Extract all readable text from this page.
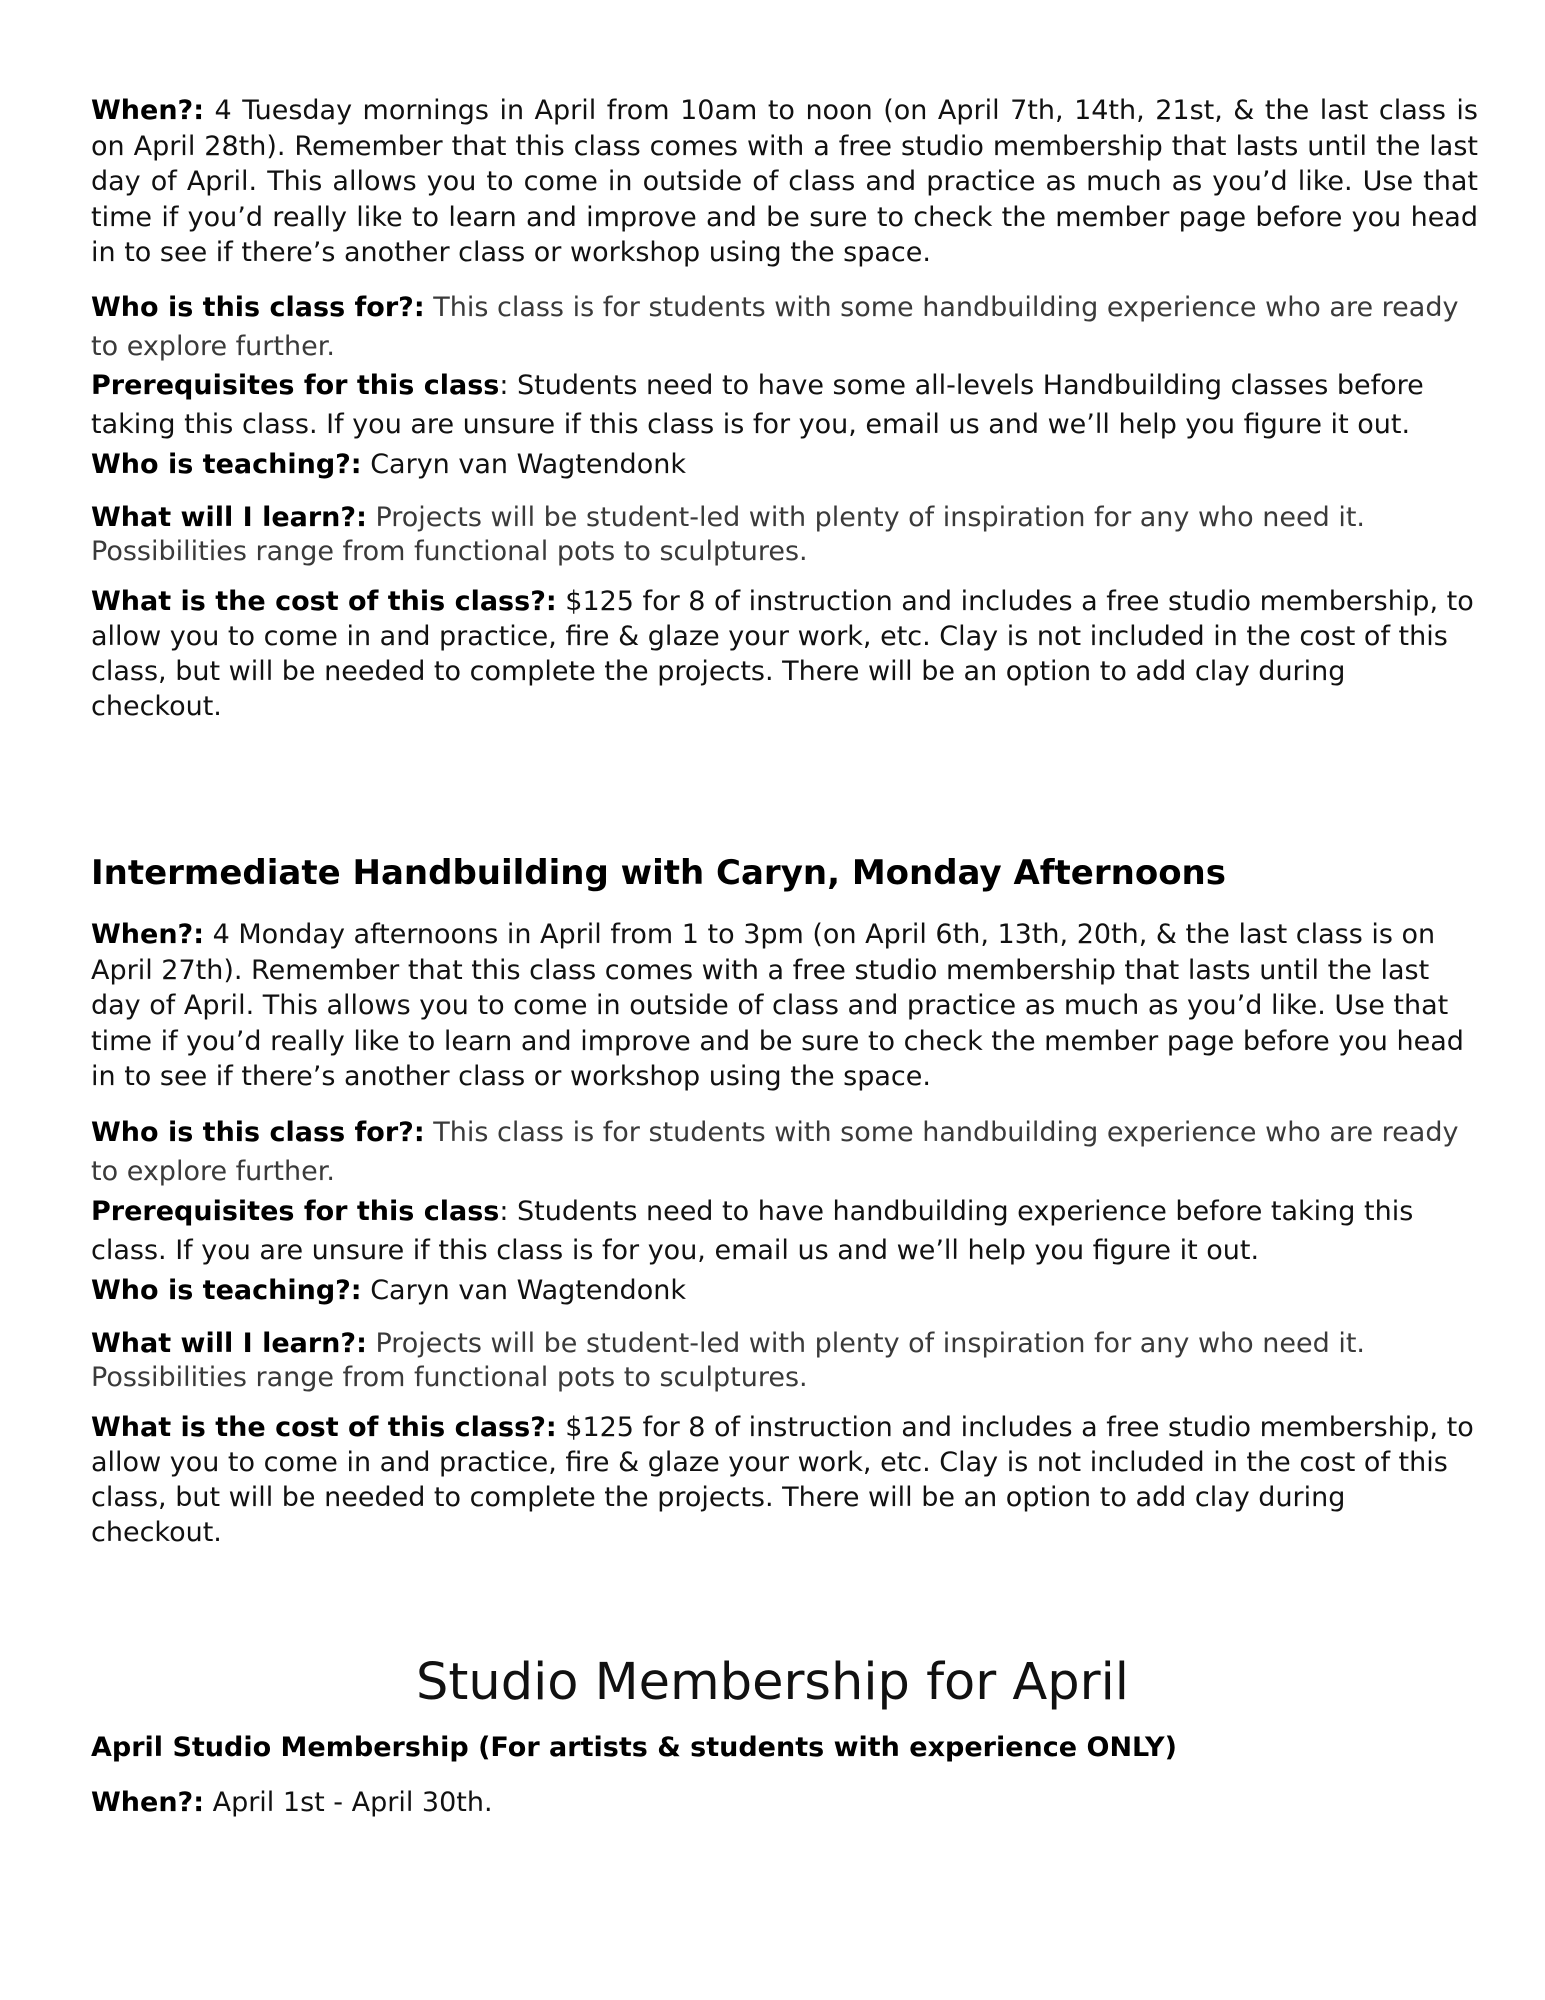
When?: 4 Tuesday mornings in April from 10am to noon (on April 7th, 14th, 21st, & the last class is on April 28th). Remember that this class comes with a free studio membership that lasts until the last day of April. This allows you to come in outside of class and practice as much as you’d like. Use that time if you’d really like to learn and improve and be sure to check the member page before you head in to see if there’s another class or workshop using the space.

Who is this class for?: This class is for students with some handbuilding experience who are ready to explore further.

Prerequisites for this class: Students need to have some all-levels Handbuilding classes before taking this class. If you are unsure if this class is for you, email us and we’ll help you figure it out.

Who is teaching?: Caryn van Wagtendonk

What will I learn?: Projects will be student-led with plenty of inspiration for any who need it. Possibilities range from functional pots to sculptures.

What is the cost of this class?: $125 for 8 of instruction and includes a free studio membership, to allow you to come in and practice, fire & glaze your work, etc. Clay is not included in the cost of this class, but will be needed to complete the projects. There will be an option to add clay during checkout.

Intermediate Handbuilding with Caryn, Monday Afternoons

When?: 4 Monday afternoons in April from 1 to 3pm (on April 6th, 13th, 20th, & the last class is on April 27th). Remember that this class comes with a free studio membership that lasts until the last day of April. This allows you to come in outside of class and practice as much as you’d like. Use that time if you’d really like to learn and improve and be sure to check the member page before you head in to see if there’s another class or workshop using the space.

Who is this class for?: This class is for students with some handbuilding experience who are ready to explore further.

Prerequisites for this class: Students need to have handbuilding experience before taking this class. If you are unsure if this class is for you, email us and we’ll help you figure it out.

Who is teaching?: Caryn van Wagtendonk

What will I learn?: Projects will be student-led with plenty of inspiration for any who need it. Possibilities range from functional pots to sculptures.

What is the cost of this class?: $125 for 8 of instruction and includes a free studio membership, to allow you to come in and practice, fire & glaze your work, etc. Clay is not included in the cost of this class, but will be needed to complete the projects. There will be an option to add clay during checkout.

Studio Membership for April

April Studio Membership (For artists & students with experience ONLY)

When?: April 1st - April 30th.
